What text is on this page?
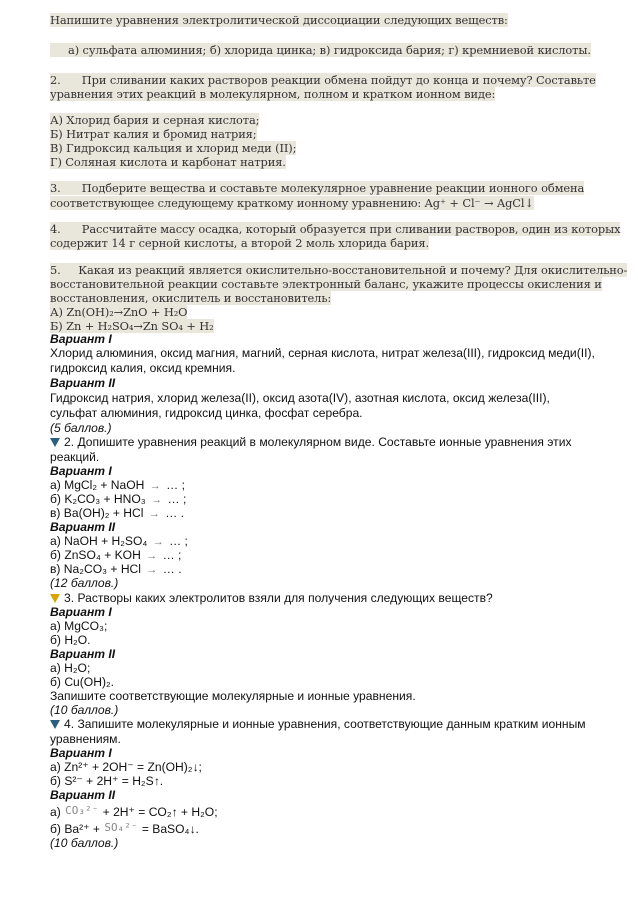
Напишите уравнения электролитической диссоциации следующих веществ:
а) сульфата алюминия; б) хлорида цинка; в) гидроксида бария; г) кремниевой кислоты.
2. При сливании каких растворов реакции обмена пойдут до конца и почему? Составьте
уравнения этих реакций в молекулярном, полном и кратком ионном виде:
А) Хлорид бария и серная кислота;
Б) Нитрат калия и бромид натрия;
В) Гидроксид кальция и хлорид меди (II);
Г) Соляная кислота и карбонат натрия.
3. Подберите вещества и составьте молекулярное уравнение реакции ионного обмена
соответствующее следующему краткому ионному уравнению: Ag⁺ + Cl⁻ → AgCl↓
4. Рассчитайте массу осадка, который образуется при сливании растворов, один из которых
содержит 14 г серной кислоты, а второй 2 моль хлорида бария.
5. Какая из реакций является окислительно-восстановительной и почему? Для окислительно-
восстановительной реакции составьте электронный баланс, укажите процессы окисления и
восстановления, окислитель и восстановитель:
А) Zn(OH)₂→ZnO + H₂O
Б) Zn + H₂SO₄→Zn SO₄ + H₂
Вариант I
Хлорид алюминия, оксид магния, магний, серная кислота, нитрат железа(III), гидроксид меди(II), гидроксид калия, оксид кремния.
Вариант II
Гидроксид натрия, хлорид железа(II), оксид азота(IV), азотная кислота, оксид железа(III), сульфат алюминия, гидроксид цинка, фосфат серебра.
(5 баллов.)
2. Допишите уравнения реакций в молекулярном виде. Составьте ионные уравнения этих реакций.
Вариант I
а) MgCl₂ + NaOH → … ;
б) K₂CO₃ + HNO₃ → … ;
в) Ba(OH)₂ + HCl → … .
Вариант II
а) NaOH + H₂SO₄ → … ;
б) ZnSO₄ + KOH → … ;
в) Na₂CO₃ + HCl → … .
(12 баллов.)
3. Растворы каких электролитов взяли для получения следующих веществ?
Вариант I
а) MgCO₃;
б) H₂O.
Вариант II
а) H₂O;
б) Cu(OH)₂.
Запишите соответствующие молекулярные и ионные уравнения.
(10 баллов.)
4. Запишите молекулярные и ионные уравнения, соответствующие данным кратким ионным уравнениям.
Вариант I
а) Zn²⁺ + 2OH⁻ = Zn(OH)₂↓;
б) S²⁻ + 2H⁺ = H₂S↑.
Вариант II
а) CO₃²⁻ + 2H⁺ = CO₂↑ + H₂O;
б) Ba²⁺ + SO₄²⁻ = BaSO₄↓.
(10 баллов.)
